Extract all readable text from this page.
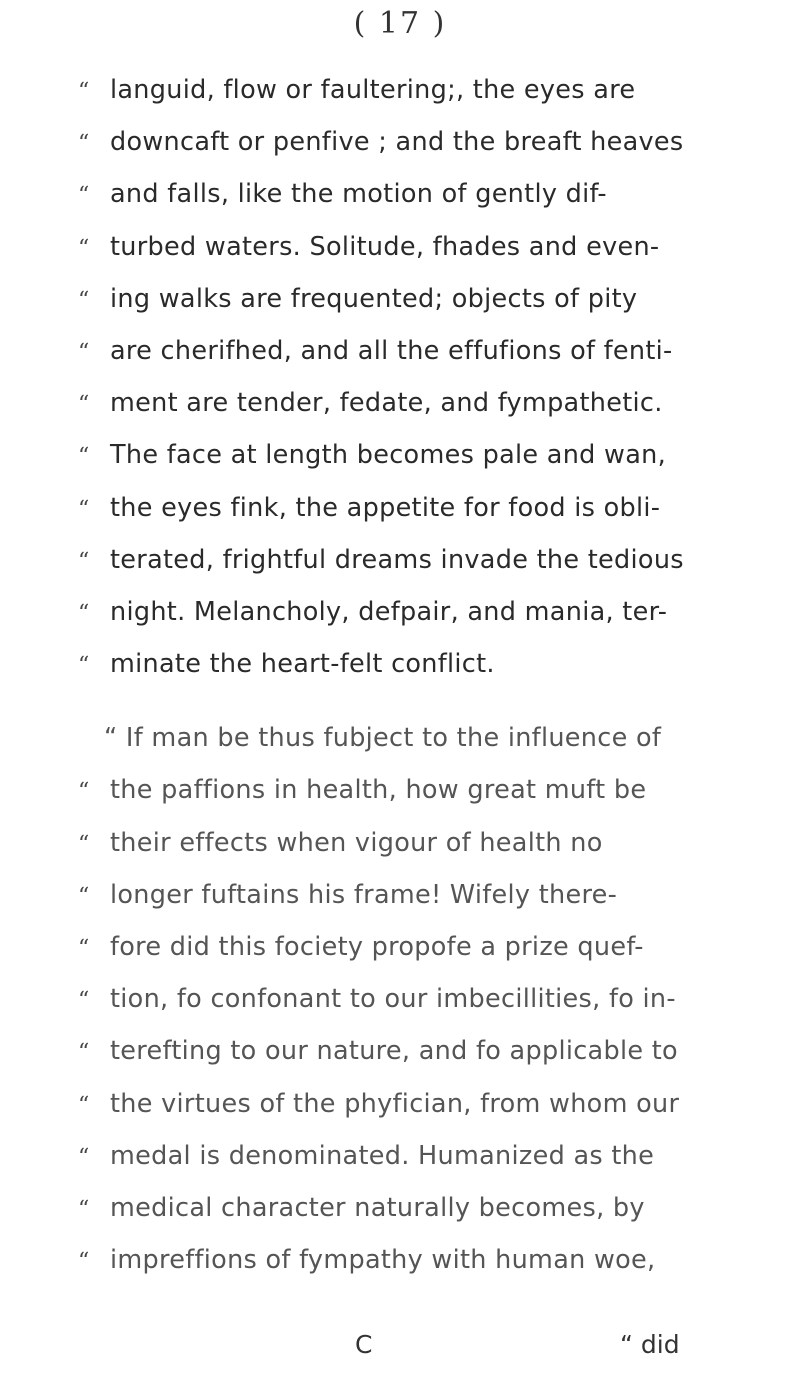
( 17 )
“ languid, flow or faultering;, the eyes are
“ downcaft or penfive ; and the breaft heaves
“ and falls, like the motion of gently dif-
“ turbed waters. Solitude, fhades and even-
“ ing walks are frequented; objects of pity
“ are cherifhed, and all the effufions of fenti-
“ ment are tender, fedate, and fympathetic.
“ The face at length becomes pale and wan,
“ the eyes fink, the appetite for food is obli-
“ terated, frightful dreams invade the tedious
“ night. Melancholy, defpair, and mania, ter-
“ minate the heart-felt conflict.
“ If man be thus fubject to the influence of
“ the paffions in health, how great muft be
“ their effects when vigour of health no
“ longer fuftains his frame! Wifely there-
“ fore did this fociety propofe a prize quef-
“ tion, fo confonant to our imbecillities, fo in-
“ terefting to our nature, and fo applicable to
“ the virtues of the phyfician, from whom our
“ medal is denominated. Humanized as the
“ medical character naturally becomes, by
“ impreffions of fympathy with human woe,
C	“ did
